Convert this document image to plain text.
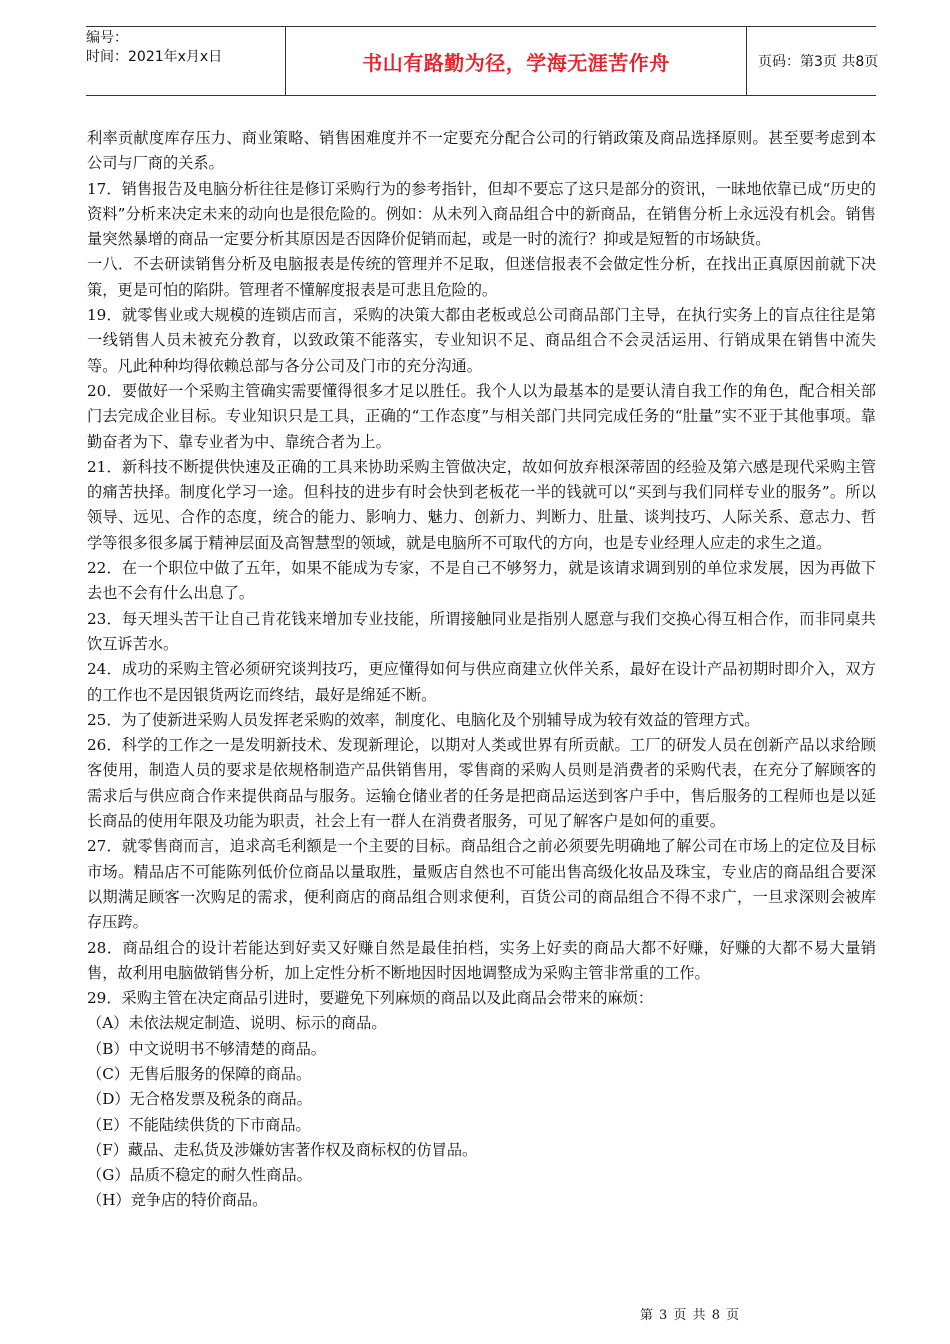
编号：
时间：2021年x月x日	书山有路勤为径，学海无涯苦作舟	页码：第3页 共8页

利率贡献度库存压力、商业策略、销售困难度并不一定要充分配合公司的行销政策及商品选择原则。甚至要考虑到本公司与厂商的关系。

17．销售报告及电脑分析往往是修订采购行为的参考指针，但却不要忘了这只是部分的资讯，一昧地依靠已成“历史的资料”分析来决定未来的动向也是很危险的。例如：从未列入商品组合中的新商品，在销售分析上永远没有机会。销售量突然暴增的商品一定要分析其原因是否因降价促销而起，或是一时的流行？抑或是短暂的市场缺货。

一八．不去研读销售分析及电脑报表是传统的管理并不足取，但迷信报表不会做定性分析，在找出正真原因前就下决策，更是可怕的陷阱。管理者不懂解度报表是可悲且危险的。

19．就零售业或大规模的连锁店而言，采购的决策大都由老板或总公司商品部门主导，在执行实务上的盲点往往是第一线销售人员未被充分教育，以致政策不能落实，专业知识不足、商品组合不会灵活运用、行销成果在销售中流失等。凡此种种均得依赖总部与各分公司及门市的充分沟通。

20．要做好一个采购主管确实需要懂得很多才足以胜任。我个人以为最基本的是要认清自我工作的角色，配合相关部门去完成企业目标。专业知识只是工具，正确的“工作态度”与相关部门共同完成任务的“肚量”实不亚于其他事项。靠勤奋者为下、靠专业者为中、靠统合者为上。

21．新科技不断提供快速及正确的工具来协助采购主管做决定，故如何放弃根深蒂固的经验及第六感是现代采购主管的痛苦抉择。制度化学习一途。但科技的进步有时会快到老板花一半的钱就可以“买到与我们同样专业的服务”。所以领导、远见、合作的态度，统合的能力、影响力、魅力、创新力、判断力、肚量、谈判技巧、人际关系、意志力、哲学等很多很多属于精神层面及高智慧型的领域，就是电脑所不可取代的方向，也是专业经理人应走的求生之道。

22．在一个职位中做了五年，如果不能成为专家，不是自己不够努力，就是该请求调到别的单位求发展，因为再做下去也不会有什么出息了。

23．每天埋头苦干让自己肯花钱来增加专业技能，所谓接触同业是指别人愿意与我们交换心得互相合作，而非同桌共饮互诉苦水。

24．成功的采购主管必须研究谈判技巧，更应懂得如何与供应商建立伙伴关系，最好在设计产品初期时即介入，双方的工作也不是因银货两讫而终结，最好是绵延不断。

25．为了使新进采购人员发挥老采购的效率，制度化、电脑化及个别辅导成为较有效益的管理方式。

26．科学的工作之一是发明新技术、发现新理论，以期对人类或世界有所贡献。工厂的研发人员在创新产品以求给顾客使用，制造人员的要求是依规格制造产品供销售用，零售商的采购人员则是消费者的采购代表，在充分了解顾客的需求后与供应商合作来提供商品与服务。运输仓储业者的任务是把商品运送到客户手中，售后服务的工程师也是以延长商品的使用年限及功能为职责，社会上有一群人在消费者服务，可见了解客户是如何的重要。

27．就零售商而言，追求高毛利额是一个主要的目标。商品组合之前必须要先明确地了解公司在市场上的定位及目标市场。精品店不可能陈列低价位商品以量取胜，量贩店自然也不可能出售高级化妆品及珠宝，专业店的商品组合要深以期满足顾客一次购足的需求，便利商店的商品组合则求便利，百货公司的商品组合不得不求广，一旦求深则会被库存压跨。

28．商品组合的设计若能达到好卖又好赚自然是最佳拍档，实务上好卖的商品大都不好赚，好赚的大都不易大量销售，故利用电脑做销售分析，加上定性分析不断地因时因地调整成为采购主管非常重的工作。

29．采购主管在决定商品引进时，要避免下列麻烦的商品以及此商品会带来的麻烦：

（A）未依法规定制造、说明、标示的商品。

（B）中文说明书不够清楚的商品。

（C）无售后服务的保障的商品。

（D）无合格发票及税条的商品。

（E）不能陆续供货的下市商品。

（F）藏品、走私货及涉嫌妨害著作权及商标权的仿冒品。

（G）品质不稳定的耐久性商品。

（H）竞争店的特价商品。

第 3 页 共 8 页
